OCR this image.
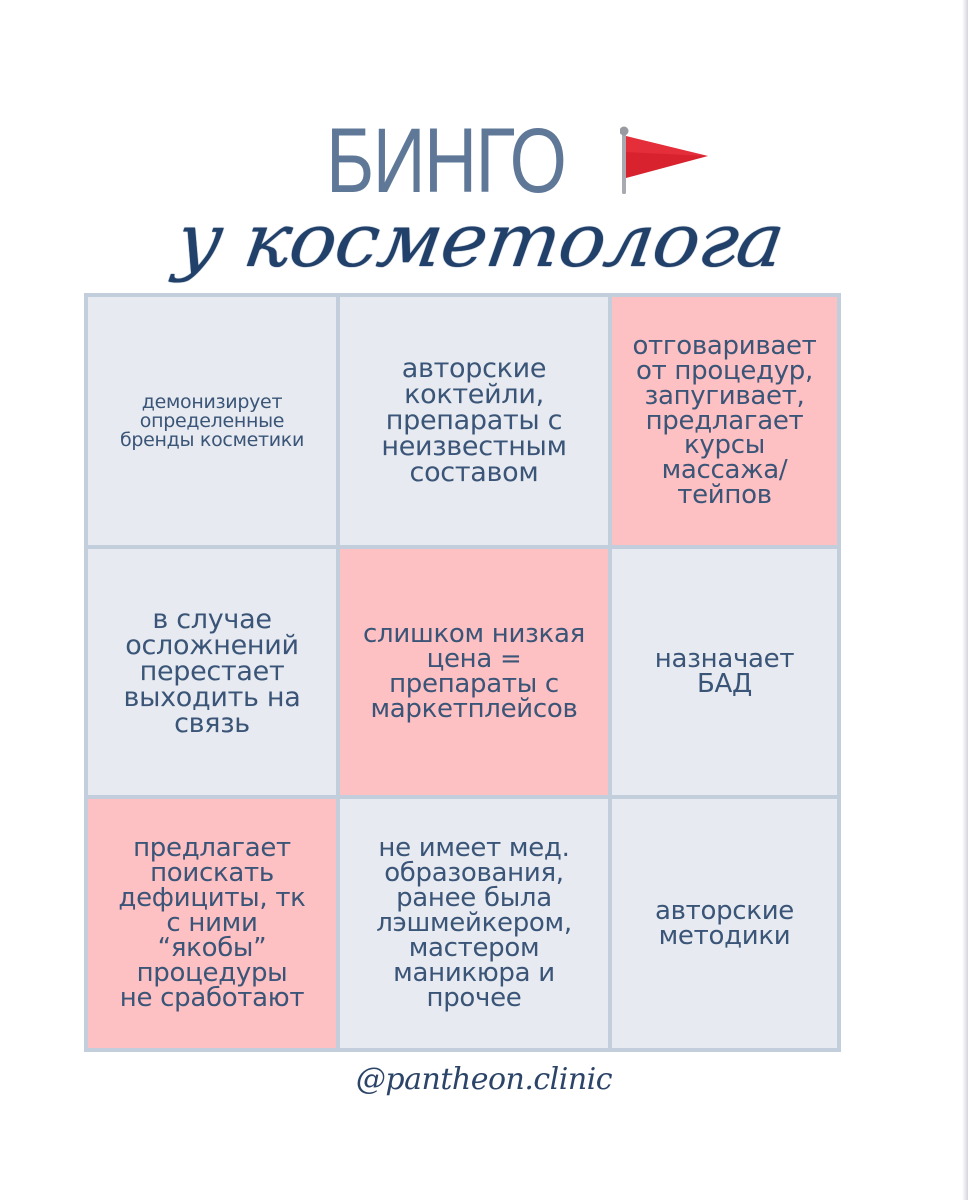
БИНГО
у косметолога
демонизирует
определенные
бренды косметики
авторские
коктейли,
препараты с
неизвестным
составом
отговаривает
от процедур,
запугивает,
предлагает
курсы
массажа/
тейпов
в случае
осложнений
перестает
выходить на
связь
слишком низкая
цена =
препараты с
маркетплейсов
назначает
БАД
предлагает
поискать
дефициты, тк
с ними
“якобы”
процедуры
не сработают
не имеет мед.
образования,
ранее была
лэшмейкером,
мастером
маникюра и
прочее
авторские
методики
@pantheon.clinic
